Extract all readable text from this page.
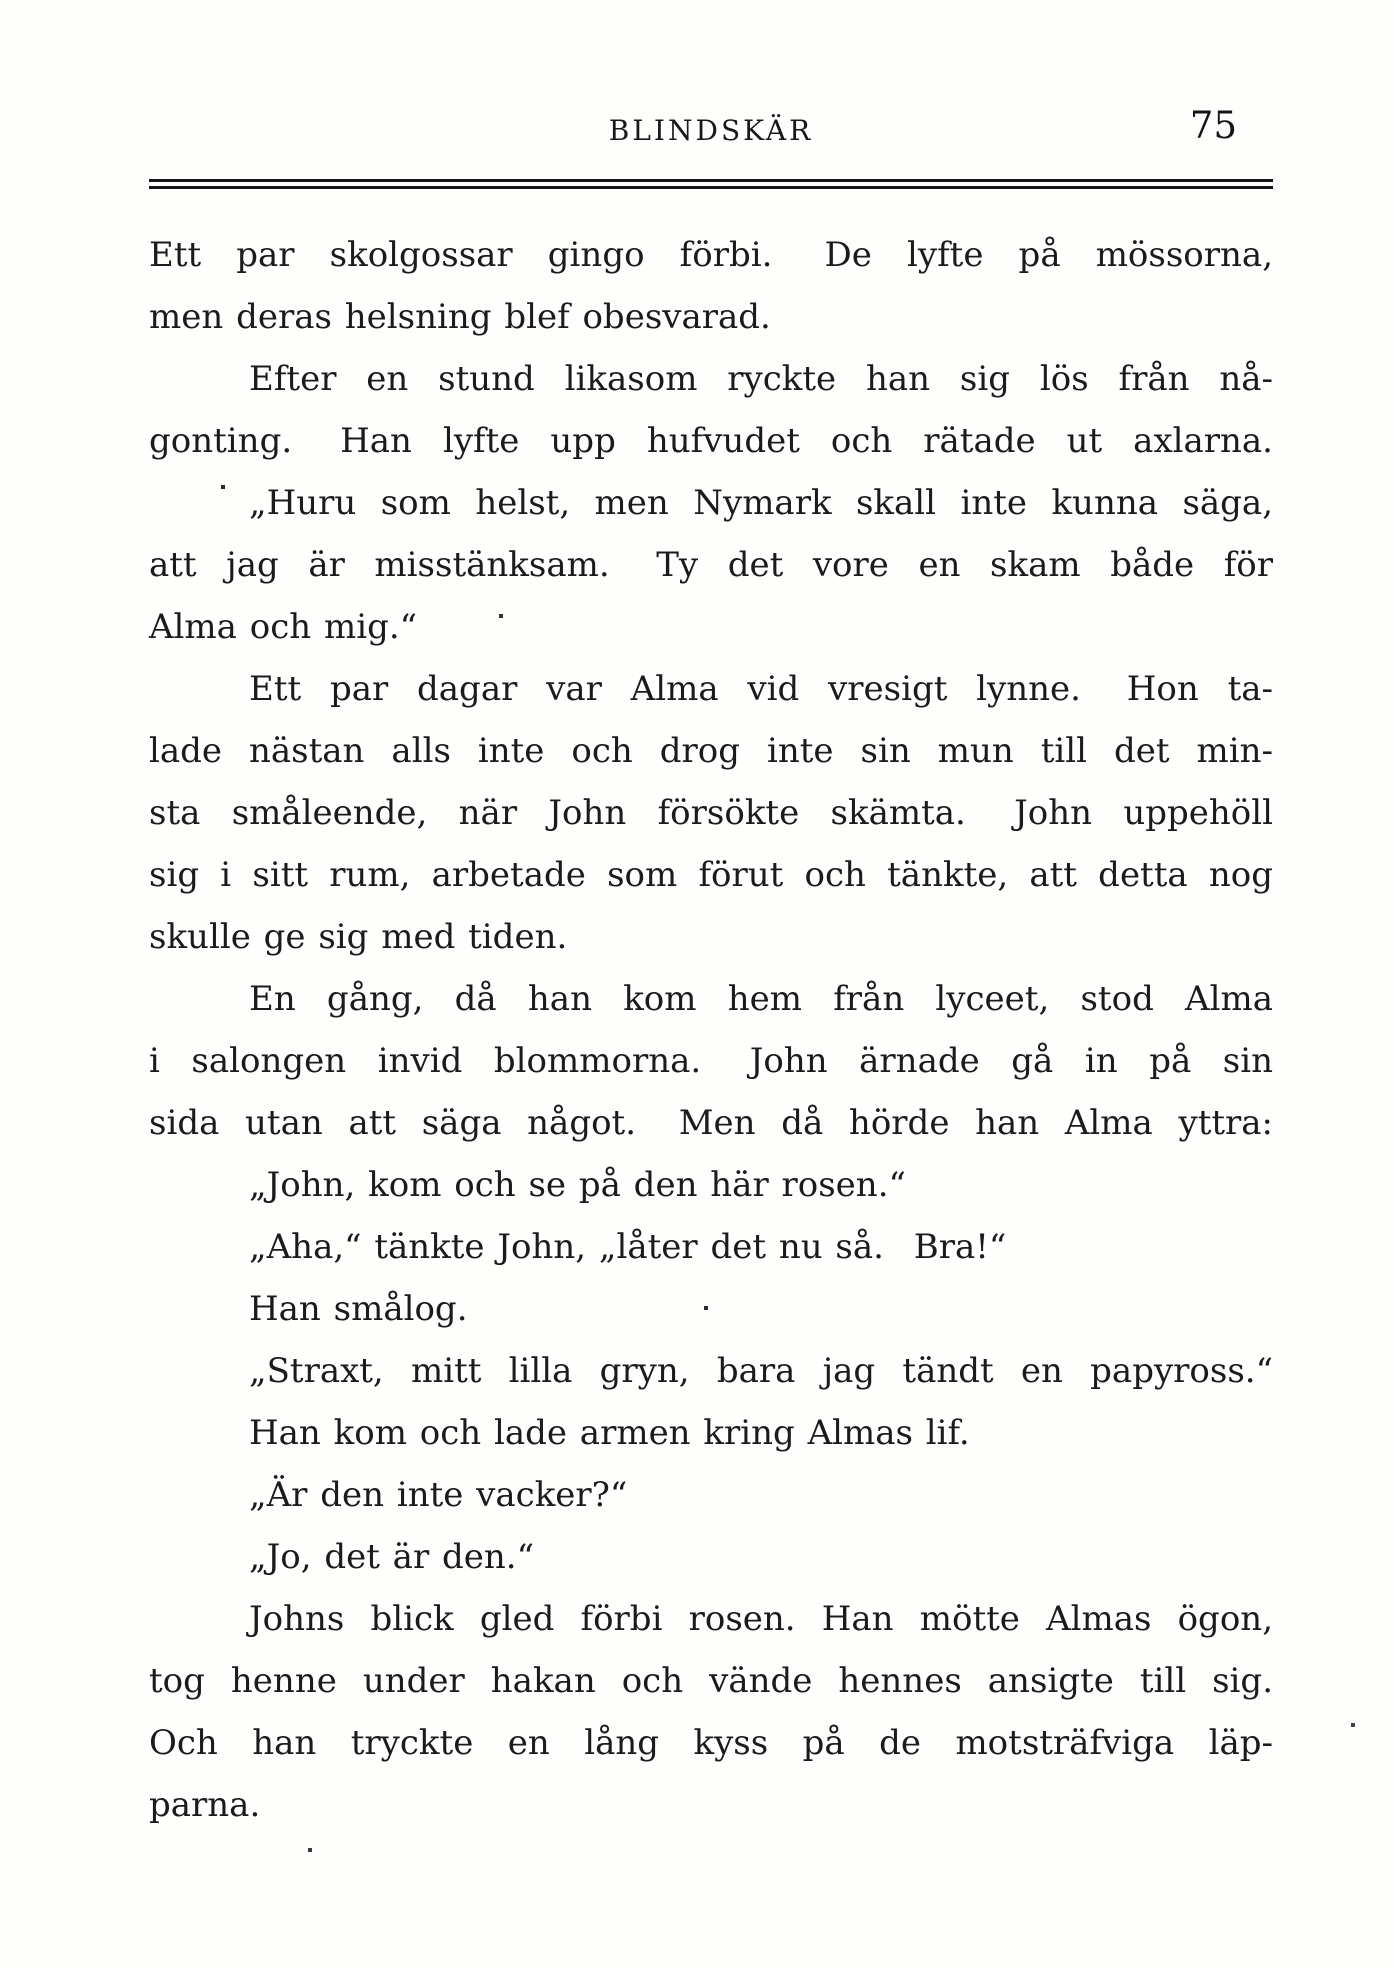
BLINDSKÄR	75
Ett par skolgossar gingo förbi.  De lyfte på mössorna,
men deras helsning blef obesvarad.
Efter en stund likasom ryckte han sig lös från nå-
gonting.  Han lyfte upp hufvudet och rätade ut axlarna.
„Huru som helst, men Nymark skall inte kunna säga,
att jag är misstänksam.  Ty det vore en skam både för
Alma och mig.“
Ett par dagar var Alma vid vresigt lynne.  Hon ta-
lade nästan alls inte och drog inte sin mun till det min-
sta småleende, när John försökte skämta.  John uppehöll
sig i sitt rum, arbetade som förut och tänkte, att detta nog
skulle ge sig med tiden.
En gång, då han kom hem från lyceet, stod Alma
i salongen invid blommorna.  John ärnade gå in på sin
sida utan att säga något.  Men då hörde han Alma yttra:
„John, kom och se på den här rosen.“
„Aha,“ tänkte John, „låter det nu så.  Bra!“
Han smålog.
„Straxt, mitt lilla gryn, bara jag tändt en papyross.“
Han kom och lade armen kring Almas lif.
„Är den inte vacker?“
„Jo, det är den.“
Johns blick gled förbi rosen. Han mötte Almas ögon,
tog henne under hakan och vände hennes ansigte till sig.
Och han tryckte en lång kyss på de motsträfviga läp-
parna.
